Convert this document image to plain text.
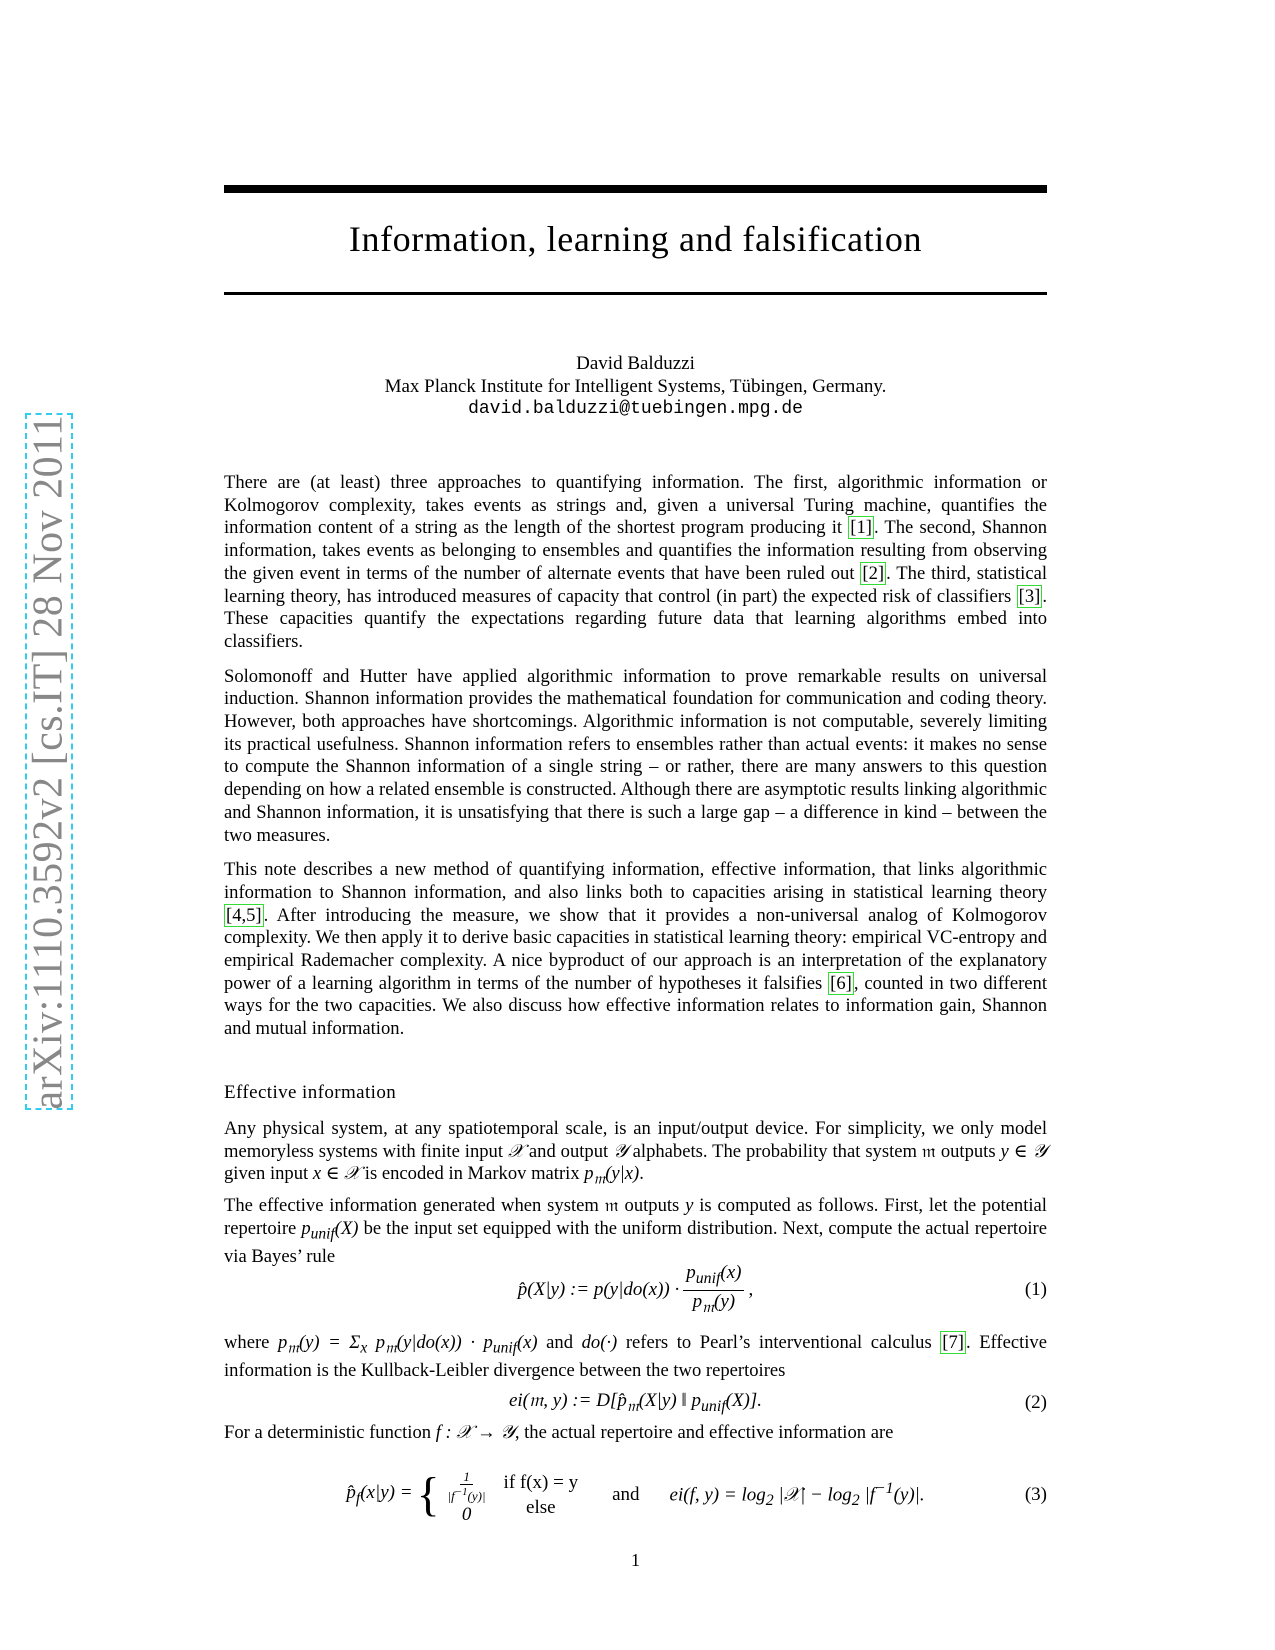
arXiv:1110.3592v2 [cs.IT] 28 Nov 2011
Information, learning and falsification
David Balduzzi
Max Planck Institute for Intelligent Systems, Tübingen, Germany.
david.balduzzi@tuebingen.mpg.de

There are (at least) three approaches to quantifying information. The first, algorithmic information or Kolmogorov complexity, takes events as strings and, given a universal Turing machine, quantifies the information content of a string as the length of the shortest program producing it [1] . The second, Shannon information, takes events as belonging to ensembles and quantifies the information resulting from observing the given event in terms of the number of alternate events that have been ruled out [2] . The third, statistical learning theory, has introduced measures of capacity that control (in part) the expected risk of classifiers [3] . These capacities quantify the expectations regarding future data that learning algorithms embed into classifiers.

Solomonoff and Hutter have applied algorithmic information to prove remarkable results on universal induction. Shannon information provides the mathematical foundation for communication and coding theory. However, both approaches have shortcomings. Algorithmic information is not computable, severely limiting its practical usefulness. Shannon information refers to ensembles rather than actual events: it makes no sense to compute the Shannon information of a single string – or rather, there are many answers to this question depending on how a related ensemble is constructed. Although there are asymptotic results linking algorithmic and Shannon information, it is unsatisfying that there is such a large gap – a difference in kind – between the two measures.

This note describes a new method of quantifying information, effective information, that links algorithmic information to Shannon information, and also links both to capacities arising in statistical learning theory [4,5] . After introducing the measure, we show that it provides a non-universal analog of Kolmogorov complexity. We then apply it to derive basic capacities in statistical learning theory: empirical VC-entropy and empirical Rademacher complexity. A nice byproduct of our approach is an interpretation of the explanatory power of a learning algorithm in terms of the number of hypotheses it falsifies [6] , counted in two different ways for the two capacities. We also discuss how effective information relates to information gain, Shannon and mutual information.

Effective information

Any physical system, at any spatiotemporal scale, is an input/output device. For simplicity, we only model memoryless systems with finite input 𝒳 and output 𝒴 alphabets. The probability that system 𝔪 outputs y ∈ 𝒴 given input x ∈ 𝒳 is encoded in Markov matrix $p_𝔪(y|x)$.

The effective information generated when system 𝔪 outputs y is computed as follows. First, let the potential repertoire $p_{unif}(X)$ be the input set equipped with the uniform distribution. Next, compute the actual repertoire via Bayes’ rule

p̂(X|y) := $p(y|do(x)) \cdot \frac{p_{unif}(x)}{p_𝔪(y)}$ ,	(1)

where $p_𝔪(y) = \Sigma_x$ $p_𝔪(y|do(x)) \cdot p_{unif}(x)$ and do(·) refers to Pearl’s interventional calculus [7] . Effective information is the Kullback-Leibler divergence between the two repertoires

ei(𝔪, y) := $D[p̂_𝔪(X|y)$ ‖ $p_{unif}(X)$].	(2)

For a deterministic function f : 𝒳 → 𝒴, the actual repertoire and effective information are

$p̂_f(x|y)$ = { $\frac{1}{|f^{-1}(y)|}$
0
if f(x) = y
else
and ei(f, $y) = \log_2$ |𝒳| − $\log_2 |f^{-1}(y)|$.	(3)
1
